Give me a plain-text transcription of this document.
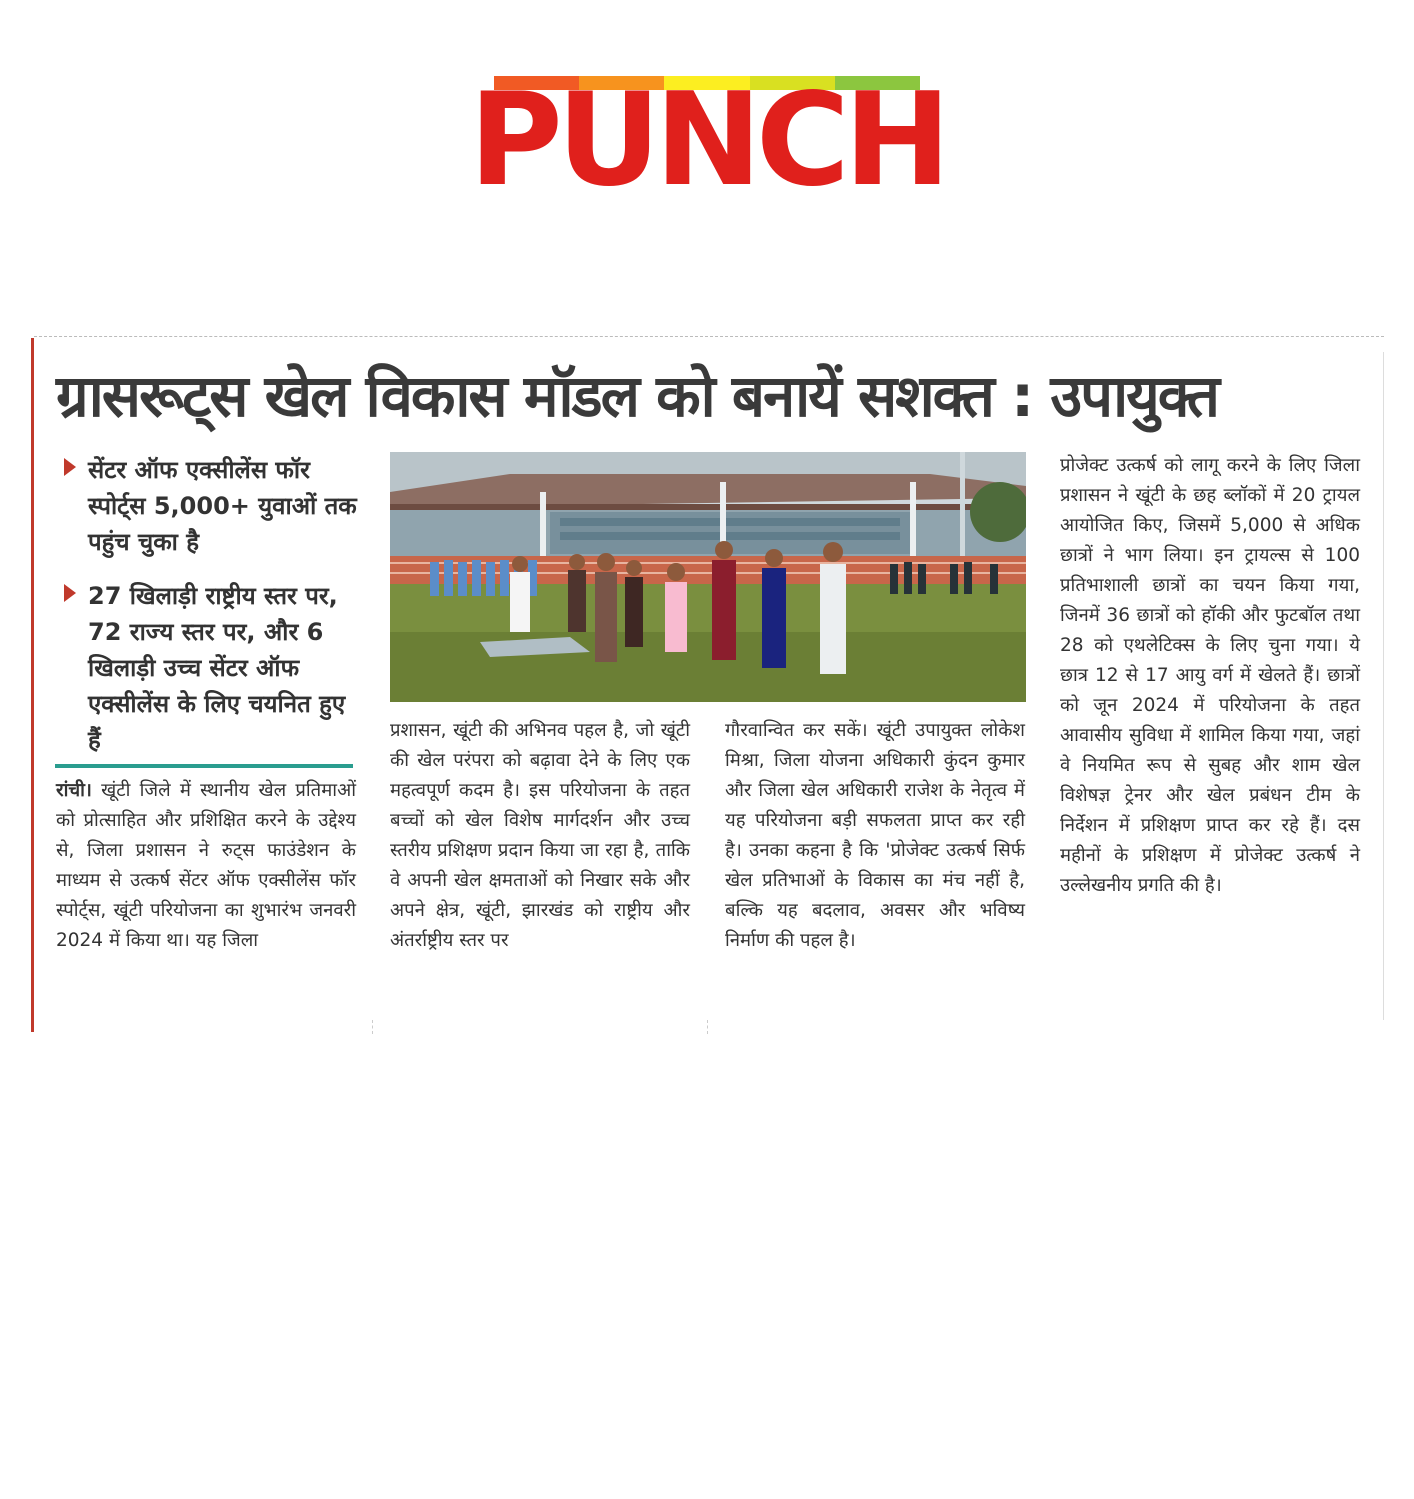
PUNCH
ग्रासरूट्स खेल विकास मॉडल को बनायें सशक्त : उपायुक्त
सेंटर ऑफ एक्सीलेंस फॉर स्पोर्ट्स 5,000+ युवाओं तक पहुंच चुका है
27 खिलाड़ी राष्ट्रीय स्तर पर, 72 राज्य स्तर पर, और 6 खिलाड़ी उच्च सेंटर ऑफ एक्सीलेंस के लिए चयनित हुए हैं
रांची। खूंटी जिले में स्थानीय खेल प्रतिमाओं को प्रोत्साहित और प्रशिक्षित करने के उद्देश्य से, जिला प्रशासन ने रुट्स फाउंडेशन के माध्यम से उत्कर्ष सेंटर ऑफ एक्सीलेंस फॉर स्पोर्ट्स, खूंटी परियोजना का शुभारंभ जनवरी 2024 में किया था। यह जिला
प्रशासन, खूंटी की अभिनव पहल है, जो खूंटी की खेल परंपरा को बढ़ावा देने के लिए एक महत्वपूर्ण कदम है। इस परियोजना के तहत बच्चों को खेल विशेष मार्गदर्शन और उच्च स्तरीय प्रशिक्षण प्रदान किया जा रहा है, ताकि वे अपनी खेल क्षमताओं को निखार सके और अपने क्षेत्र, खूंटी, झारखंड को राष्ट्रीय और अंतर्राष्ट्रीय स्तर पर
गौरवान्वित कर सकें। खूंटी उपायुक्त लोकेश मिश्रा, जिला योजना अधिकारी कुंदन कुमार और जिला खेल अधिकारी राजेश के नेतृत्व में यह परियोजना बड़ी सफलता प्राप्त कर रही है। उनका कहना है कि 'प्रोजेक्ट उत्कर्ष सिर्फ खेल प्रतिभाओं के विकास का मंच नहीं है, बल्कि यह बदलाव, अवसर और भविष्य निर्माण की पहल है।
प्रोजेक्ट उत्कर्ष को लागू करने के लिए जिला प्रशासन ने खूंटी के छह ब्लॉकों में 20 ट्रायल आयोजित किए, जिसमें 5,000 से अधिक छात्रों ने भाग लिया। इन ट्रायल्स से 100 प्रतिभाशाली छात्रों का चयन किया गया, जिनमें 36 छात्रों को हॉकी और फुटबॉल तथा 28 को एथलेटिक्स के लिए चुना गया। ये छात्र 12 से 17 आयु वर्ग में खेलते हैं। छात्रों को जून 2024 में परियोजना के तहत आवासीय सुविधा में शामिल किया गया, जहां वे नियमित रूप से सुबह और शाम खेल विशेषज्ञ ट्रेनर और खेल प्रबंधन टीम के निर्देशन में प्रशिक्षण प्राप्त कर रहे हैं। दस महीनों के प्रशिक्षण में प्रोजेक्ट उत्कर्ष ने उल्लेखनीय प्रगति की है।
